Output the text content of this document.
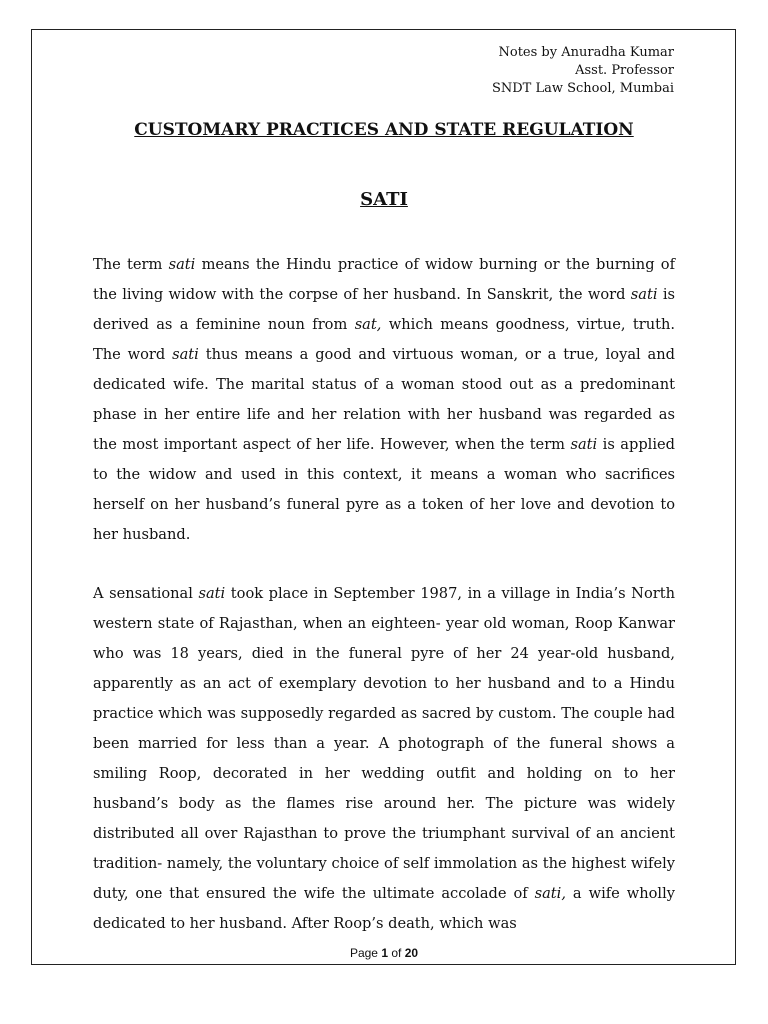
Notes by Anuradha Kumar
Asst. Professor
SNDT Law School, Mumbai
CUSTOMARY PRACTICES AND STATE REGULATION
SATI

The term sati means the Hindu practice of widow burning or the burning of the living widow with the corpse of her husband. In Sanskrit, the word sati is derived as a feminine noun from sat, which means goodness, virtue, truth. The word sati thus means a good and virtuous woman, or a true, loyal and dedicated wife. The marital status of a woman stood out as a predominant phase in her entire life and her relation with her husband was regarded as the most important aspect of her life. However, when the term sati is applied to the widow and used in this context, it means a woman who sacrifices herself on her husband’s funeral pyre as a token of her love and devotion to her husband.

A sensational sati took place in September 1987, in a village in India’s North western state of Rajasthan, when an eighteen- year old woman, Roop Kanwar who was 18 years, died in the funeral pyre of her 24 year-old husband, apparently as an act of exemplary devotion to her husband and to a Hindu practice which was supposedly regarded as sacred by custom. The couple had been married for less than a year. A photograph of the funeral shows a smiling Roop, decorated in her wedding outfit and holding on to her husband’s body as the flames rise around her. The picture was widely distributed all over Rajasthan to prove the triumphant survival of an ancient tradition- namely, the voluntary choice of self immolation as the highest wifely duty, one that ensured the wife the ultimate accolade of sati, a wife wholly dedicated to her husband. After Roop’s death, which was

Page 1 of 20
